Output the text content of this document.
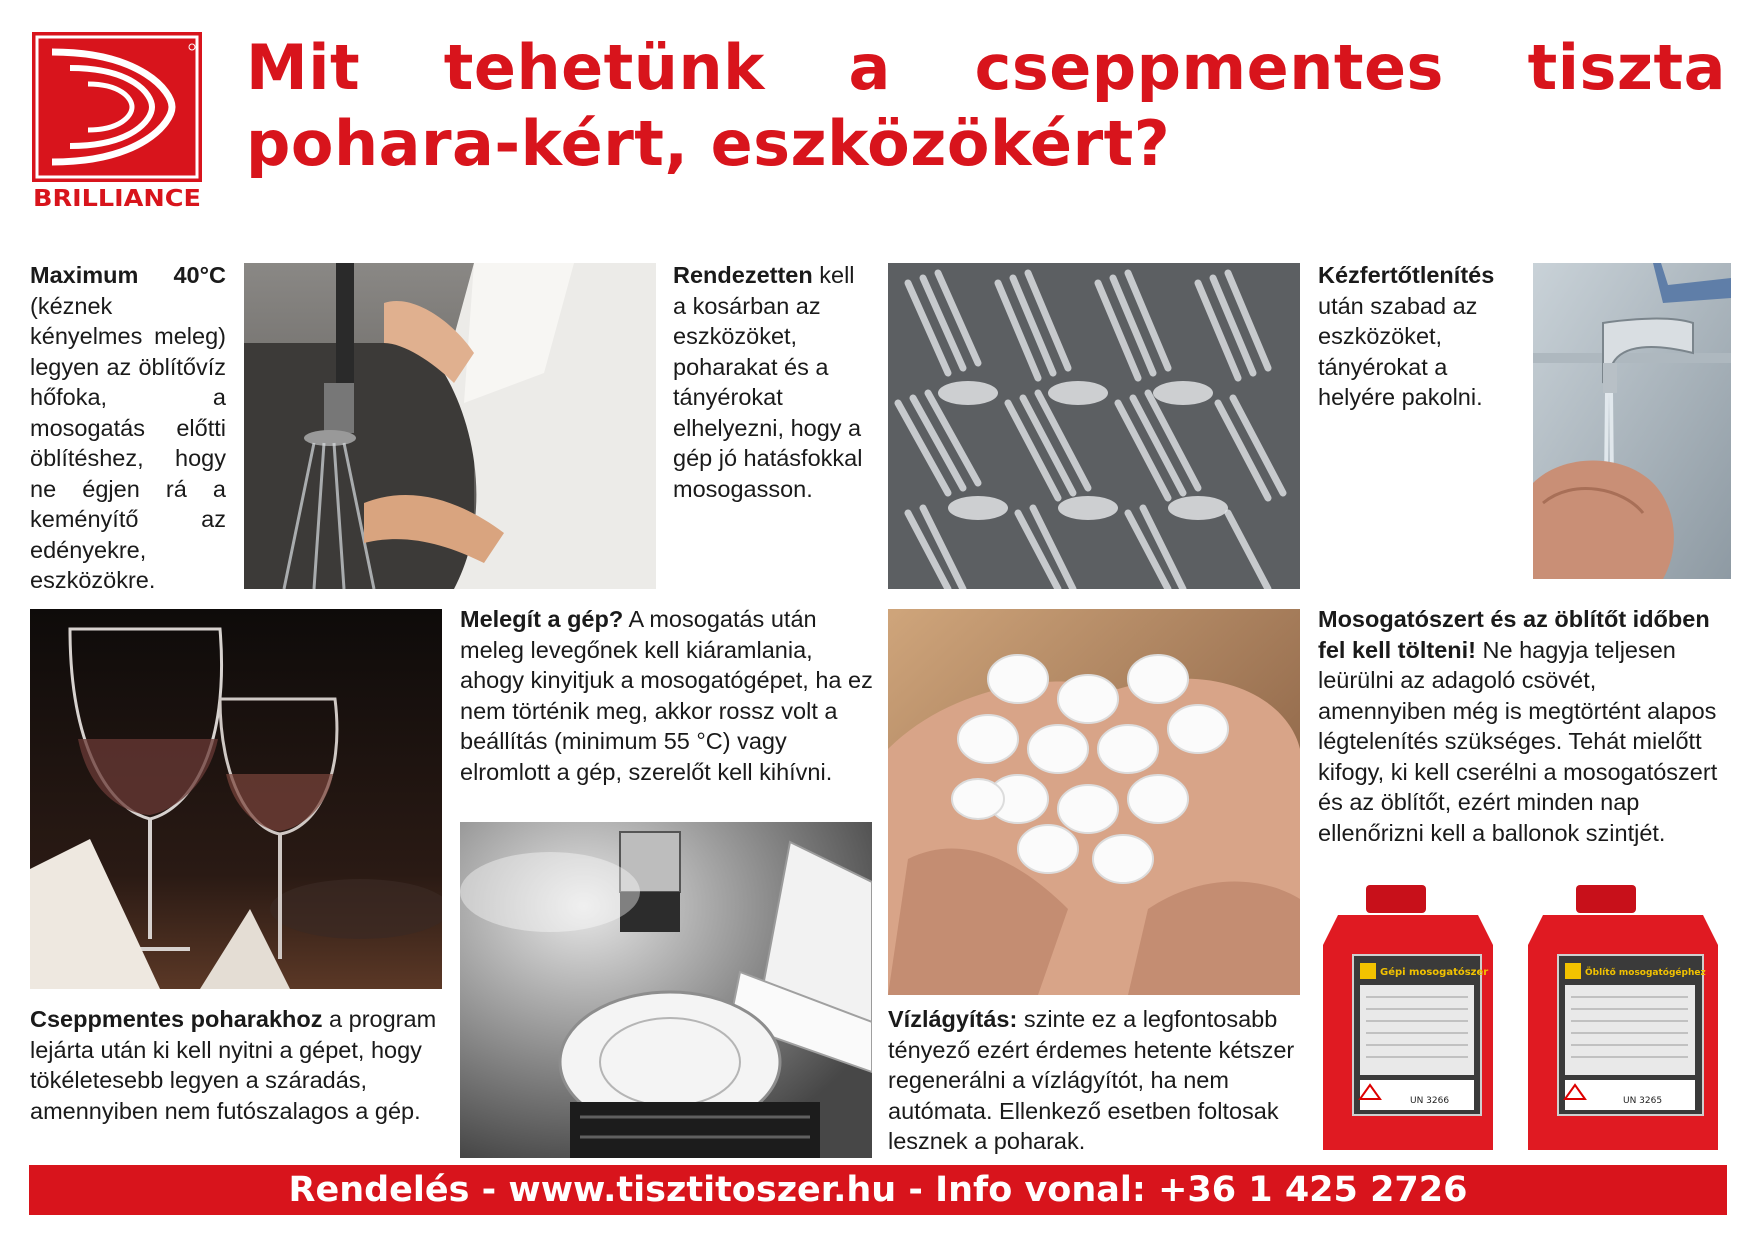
BRILLIANCE
Mit tehetünk a cseppmentes tiszta pohara-kért, eszközökért?

Maximum 40°C (kéznek kényelmes meleg) legyen az öblítővíz hőfoka, a mosogatás előtti öblítéshez, hogy ne égjen rá a keményítő az edényekre, eszközökre.

Rendezetten kell a kosárban az eszközöket, poharakat és a tányérokat elhelyezni, hogy a gép jó hatásfokkal mosogasson.

Kézfertőtlenítés után szabad az eszközöket, tányérokat a helyére pakolni.

Melegít a gép? A mosogatás után meleg levegőnek kell kiáramlania, ahogy kinyitjuk a mosogatógépet, ha ez nem történik meg, akkor rossz volt a beállítás (minimum 55 °C) vagy elromlott a gép, szerelőt kell kihívni.

Vízlágyítás: szinte ez a legfontosabb tényező ezért érdemes hetente kétszer regenerálni a vízlágyítót, ha nem autómata. Ellenkező esetben foltosak lesznek a poharak.

Mosogatószert és az öblítőt időben fel kell tölteni! Ne hagyja teljesen leürülni az adagoló csövét, amennyiben még is megtörtént alapos légtelenítés szükséges. Tehát mielőtt kifogy, ki kell cserélni a mosogatószert és az öblítőt, ezért minden nap ellenőrizni kell a ballonok szintjét.

Cseppmentes poharakhoz a program lejárta után ki kell nyitni a gépet, hogy tökéletesebb legyen a száradás, amennyiben nem futószalagos a gép.

Gépi mosogatószer
UN 3266
Öblítő mosogatógéphez
UN 3265
Rendelés - www.tisztitoszer.hu - Info vonal: +36 1 425 2726
